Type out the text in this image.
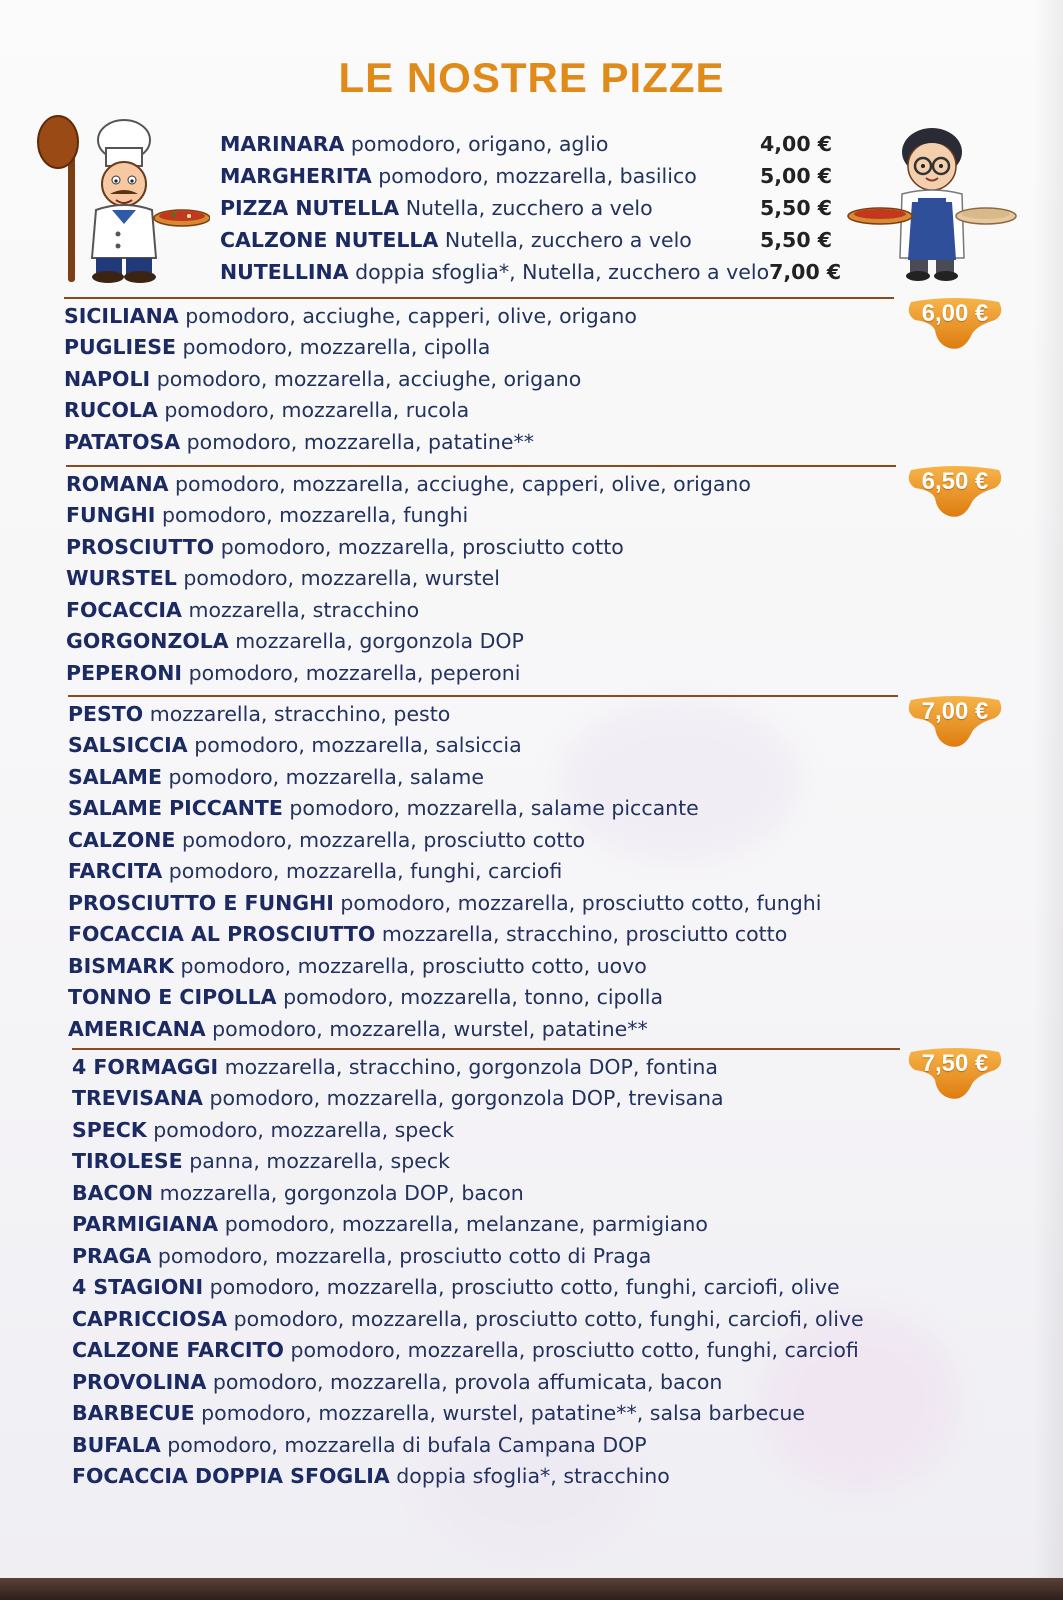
LE NOSTRE PIZZE
MARINARA pomodoro, origano, aglio	4,00 €
MARGHERITA pomodoro, mozzarella, basilico	5,00 €
PIZZA NUTELLA Nutella, zucchero a velo	5,50 €
CALZONE NUTELLA Nutella, zucchero a velo	5,50 €
NUTELLINA doppia sfoglia*, Nutella, zucchero a velo 7,00 €
SICILIANA
pomodoro, acciughe, capperi, olive, origano
PUGLIESE
pomodoro, mozzarella, cipolla
NAPOLI
pomodoro, mozzarella, acciughe, origano
RUCOLA
pomodoro, mozzarella, rucola
PATATOSA
pomodoro, mozzarella, patatine**
6,00 €
ROMANA
pomodoro, mozzarella, acciughe, capperi, olive, origano
FUNGHI
pomodoro, mozzarella, funghi
PROSCIUTTO
pomodoro, mozzarella, prosciutto cotto
WURSTEL
pomodoro, mozzarella, wurstel
FOCACCIA
mozzarella, stracchino
GORGONZOLA
mozzarella, gorgonzola DOP
PEPERONI
pomodoro, mozzarella, peperoni
6,50 €
PESTO
mozzarella, stracchino, pesto
SALSICCIA
pomodoro, mozzarella, salsiccia
SALAME
pomodoro, mozzarella, salame
SALAME PICCANTE
pomodoro, mozzarella, salame piccante
CALZONE
pomodoro, mozzarella, prosciutto cotto
FARCITA
pomodoro, mozzarella, funghi, carciofi
PROSCIUTTO E FUNGHI
pomodoro, mozzarella, prosciutto cotto, funghi
FOCACCIA AL PROSCIUTTO
mozzarella, stracchino, prosciutto cotto
BISMARK
pomodoro, mozzarella, prosciutto cotto, uovo
TONNO E CIPOLLA
pomodoro, mozzarella, tonno, cipolla
AMERICANA
pomodoro, mozzarella, wurstel, patatine**
7,00 €
4 FORMAGGI
mozzarella, stracchino, gorgonzola DOP, fontina
TREVISANA
pomodoro, mozzarella, gorgonzola DOP, trevisana
SPECK
pomodoro, mozzarella, speck
TIROLESE
panna, mozzarella, speck
BACON
mozzarella, gorgonzola DOP, bacon
PARMIGIANA
pomodoro, mozzarella, melanzane, parmigiano
PRAGA
pomodoro, mozzarella, prosciutto cotto di Praga
4 STAGIONI
pomodoro, mozzarella, prosciutto cotto, funghi, carciofi, olive
CAPRICCIOSA
pomodoro, mozzarella, prosciutto cotto, funghi, carciofi, olive
CALZONE FARCITO
pomodoro, mozzarella, prosciutto cotto, funghi, carciofi
PROVOLINA
pomodoro, mozzarella, provola affumicata, bacon
BARBECUE
pomodoro, mozzarella, wurstel, patatine**, salsa barbecue
BUFALA
pomodoro, mozzarella di bufala Campana DOP
FOCACCIA DOPPIA SFOGLIA
doppia sfoglia*, stracchino
7,50 €
